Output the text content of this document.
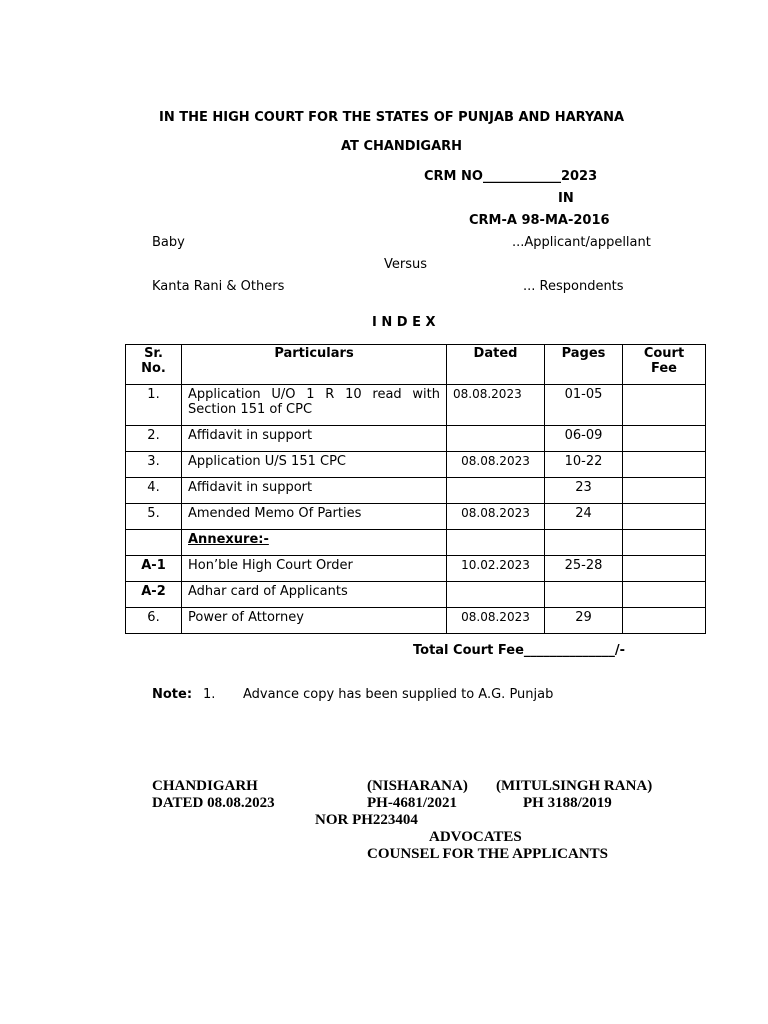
IN THE HIGH COURT FOR THE STATES OF PUNJAB AND HARYANA
AT CHANDIGARH
CRM NO____________2023
IN
CRM-A 98-MA-2016
Baby	...Applicant/appellant
Versus
Kanta Rani & Others	... Respondents
I N D E X
Sr. No.	Particulars	Dated	Pages	Court Fee
1.	Application U/O 1 R 10 read with Section 151 of CPC	08.08.2023	01-05	
2.	Affidavit in support		06-09	
3.	Application U/S 151 CPC	08.08.2023	10-22	
4.	Affidavit in support		23	
5.	Amended Memo Of Parties	08.08.2023	24	
	Annexure:-			
A-1	Hon’ble High Court Order	10.02.2023	25-28	
A-2	Adhar card of Applicants			
6.	Power of Attorney	08.08.2023	29	
Total Court Fee______________/-
Note: 1. Advance copy has been supplied to A.G. Punjab
CHANDIGARH	(NISHARANA) (MITULSINGH RANA)
DATED 08.08.2023	PH-4681/2021	PH 3188/2019
NOR PH223404
ADVOCATES
COUNSEL FOR THE APPLICANTS
